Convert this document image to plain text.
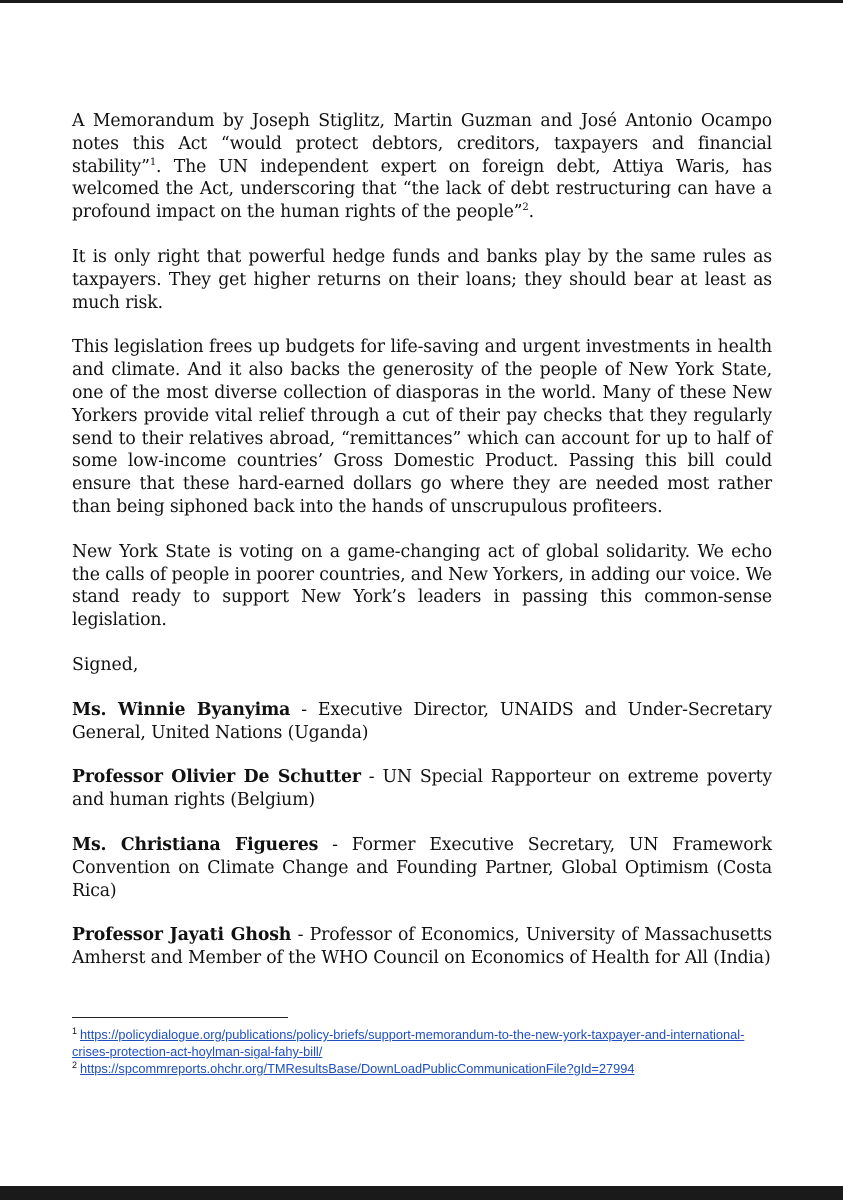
A Memorandum by Joseph Stiglitz, Martin Guzman and José Antonio Ocampo notes this Act “would protect debtors, creditors, taxpayers and financial stability”$^1$. The UN independent expert on foreign debt, Attiya Waris, has welcomed the Act, underscoring that “the lack of debt restructuring can have a profound impact on the human rights of the people”$^2$.

It is only right that powerful hedge funds and banks play by the same rules as taxpayers. They get higher returns on their loans; they should bear at least as much risk.

This legislation frees up budgets for life-saving and urgent investments in health and climate. And it also backs the generosity of the people of New York State, one of the most diverse collection of diasporas in the world. Many of these New Yorkers provide vital relief through a cut of their pay checks that they regularly send to their relatives abroad, “remittances” which can account for up to half of some low-income countries’ Gross Domestic Product. Passing this bill could ensure that these hard-earned dollars go where they are needed most rather than being siphoned back into the hands of unscrupulous profiteers.

New York State is voting on a game-changing act of global solidarity. We echo the calls of people in poorer countries, and New Yorkers, in adding our voice. We stand ready to support New York’s leaders in passing this common-sense legislation.

Signed,

Ms. Winnie Byanyima - Executive Director, UNAIDS and Under-Secretary General, United Nations (Uganda)

Professor Olivier De Schutter - UN Special Rapporteur on extreme poverty and human rights (Belgium)

Ms. Christiana Figueres - Former Executive Secretary, UN Framework Convention on Climate Change and Founding Partner, Global Optimism (Costa Rica)

Professor Jayati Ghosh - Professor of Economics, University of Massachusetts Amherst and Member of the WHO Council on Economics of Health for All (India)

$^1$ https://policydialogue.org/publications/policy-briefs/support-memorandum-to-the-new-york-taxpayer-and-international-crises-protection-act-hoylman-sigal-fahy-bill/

$^2$ https://spcommreports.ohchr.org/TMResultsBase/DownLoadPublicCommunicationFile?gId=27994
